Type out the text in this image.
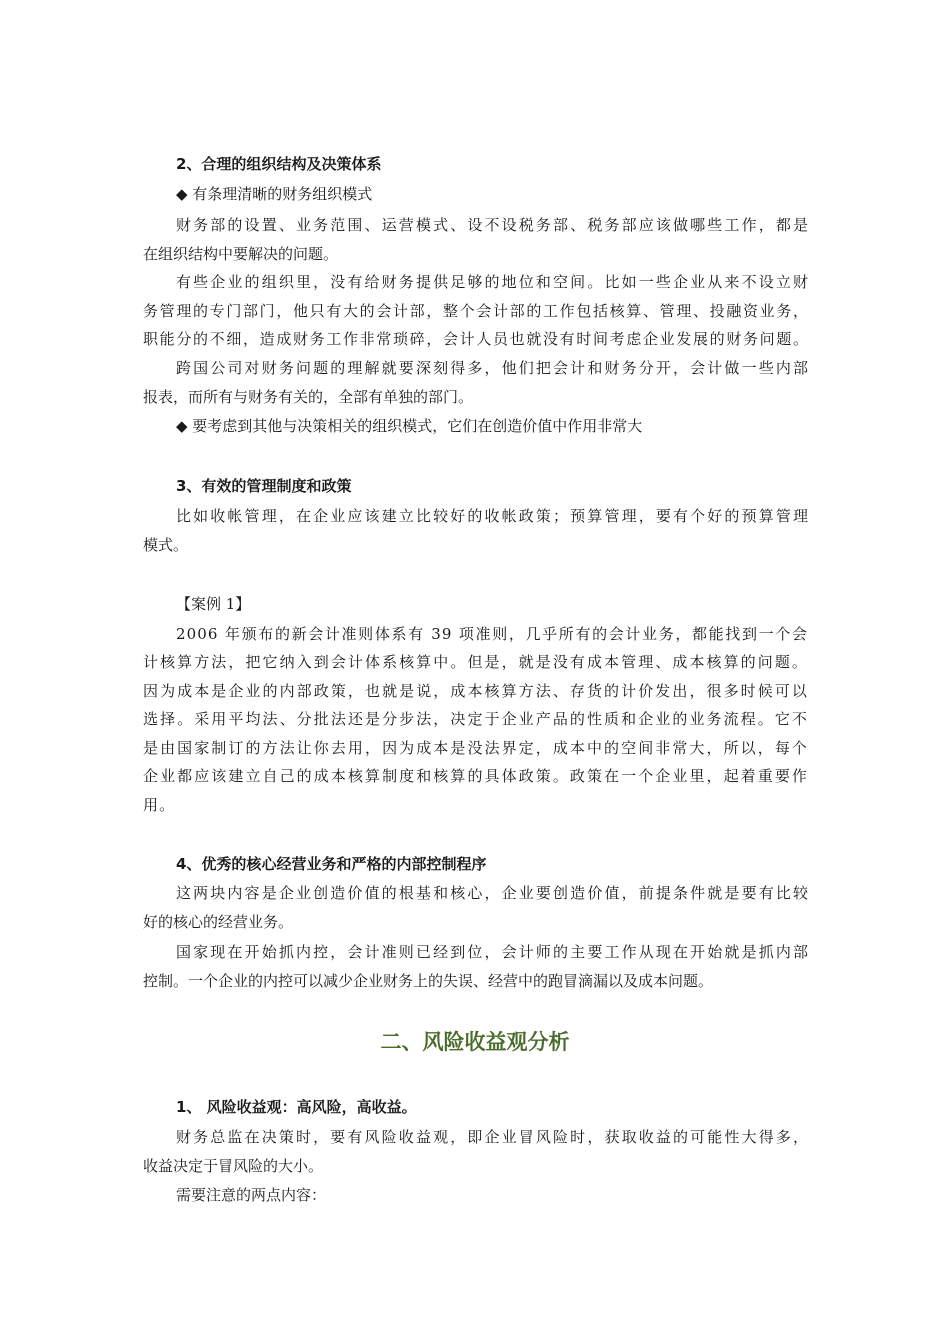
2、合理的组织结构及决策体系
◆ 有条理清晰的财务组织模式
财务部的设置、业务范围、运营模式、设不设税务部、税务部应该做哪些工作，都是
在组织结构中要解决的问题。
有些企业的组织里，没有给财务提供足够的地位和空间。比如一些企业从来不设立财
务管理的专门部门，他只有大的会计部，整个会计部的工作包括核算、管理、投融资业务，
职能分的不细，造成财务工作非常琐碎，会计人员也就没有时间考虑企业发展的财务问题。
跨国公司对财务问题的理解就要深刻得多，他们把会计和财务分开，会计做一些内部
报表，而所有与财务有关的，全部有单独的部门。
◆ 要考虑到其他与决策相关的组织模式，它们在创造价值中作用非常大
3、有效的管理制度和政策
比如收帐管理，在企业应该建立比较好的收帐政策；预算管理，要有个好的预算管理
模式。
【案例 1】
2006 年颁布的新会计准则体系有 39 项准则，几乎所有的会计业务，都能找到一个会
计核算方法，把它纳入到会计体系核算中。但是，就是没有成本管理、成本核算的问题。
因为成本是企业的内部政策，也就是说，成本核算方法、存货的计价发出，很多时候可以
选择。采用平均法、分批法还是分步法，决定于企业产品的性质和企业的业务流程。它不
是由国家制订的方法让你去用，因为成本是没法界定，成本中的空间非常大，所以，每个
企业都应该建立自己的成本核算制度和核算的具体政策。政策在一个企业里，起着重要作
用。
4、优秀的核心经营业务和严格的内部控制程序
这两块内容是企业创造价值的根基和核心，企业要创造价值，前提条件就是要有比较
好的核心的经营业务。
国家现在开始抓内控，会计准则已经到位，会计师的主要工作从现在开始就是抓内部
控制。一个企业的内控可以减少企业财务上的失误、经营中的跑冒滴漏以及成本问题。
二、风险收益观分析
1、 风险收益观：高风险，高收益。
财务总监在决策时，要有风险收益观，即企业冒风险时，获取收益的可能性大得多，
收益决定于冒风险的大小。
需要注意的两点内容：
